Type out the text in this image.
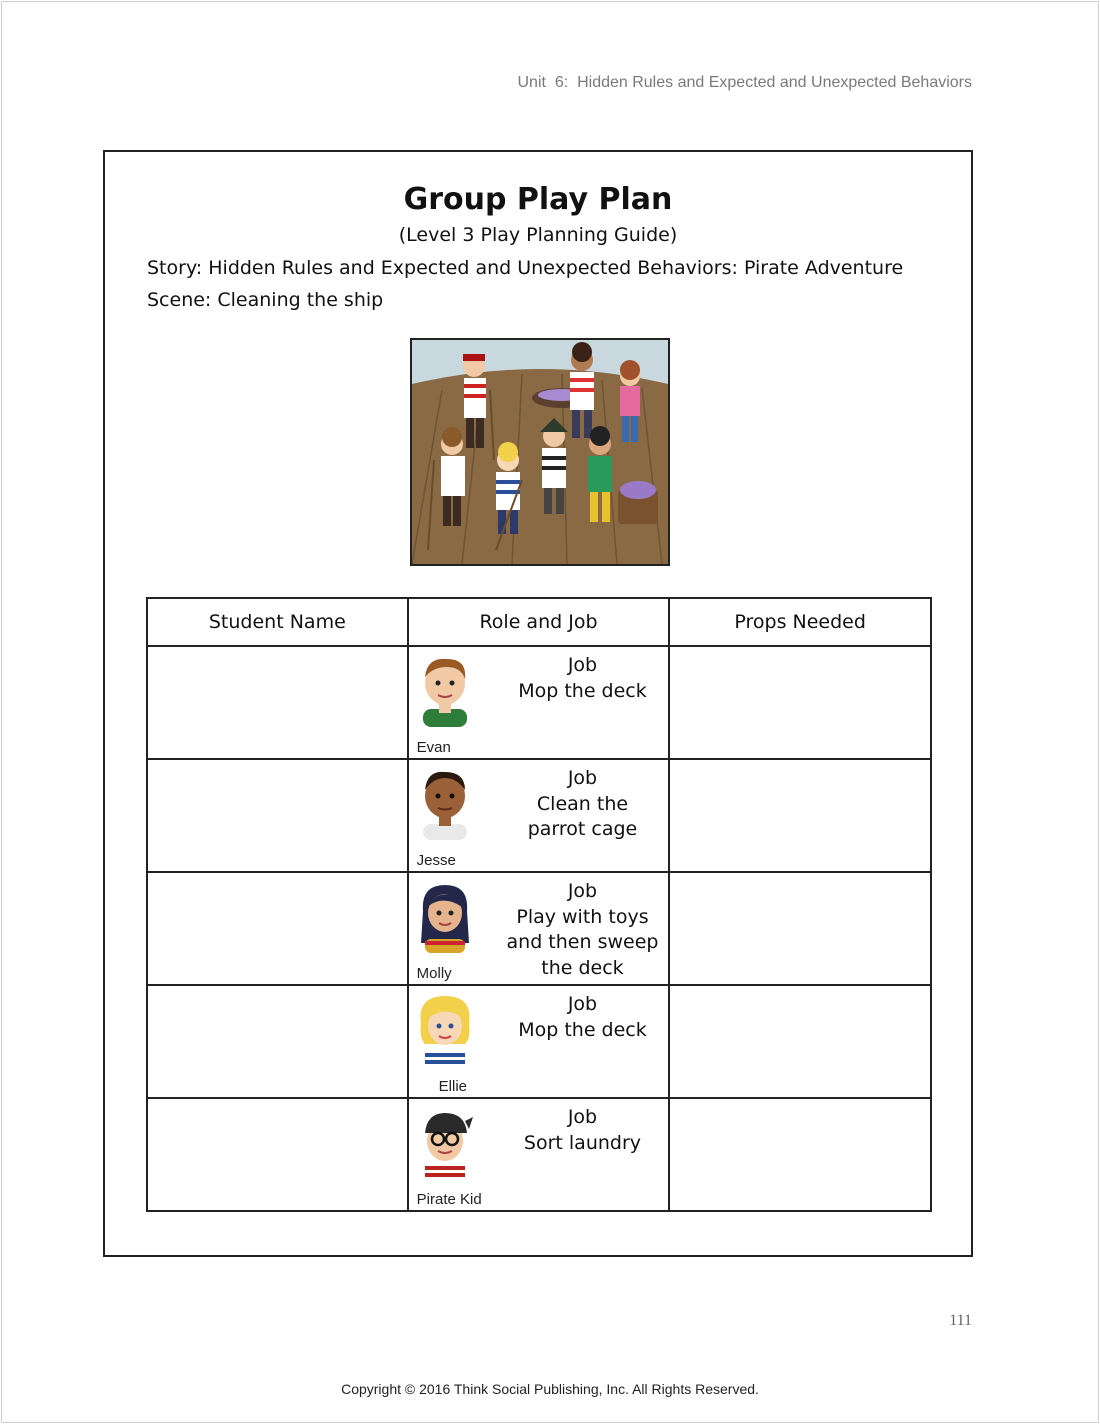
Unit  6:  Hidden Rules and Expected and Unexpected Behaviors
Group Play Plan
(Level 3 Play Planning Guide)
Story: Hidden Rules and Expected and Unexpected Behaviors: Pirate Adventure
Scene: Cleaning the ship
Student Name	Role and Job	Props Needed

	Evan
Job
Mop the deck	

	Jesse
Job
Clean the
parrot cage	

	Molly
Job
Play with toys
and then sweep
the deck	

	Ellie
Job
Mop the deck	

	Pirate Kid
Job
Sort laundry	

111
Copyright © 2016 Think Social Publishing, Inc. All Rights Reserved.
